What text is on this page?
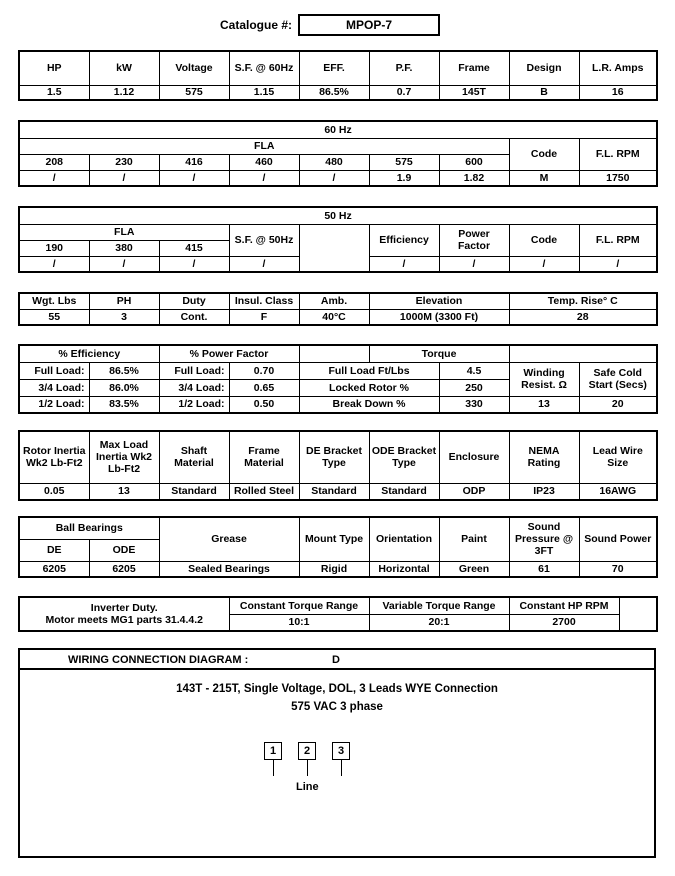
Catalogue #:	MPOP-7
HP	kW	Voltage	S.F. @ 60Hz	EFF.	P.F.	Frame	Design	L.R. Amps
1.5	1.12	575	1.15	86.5%	0.7	145T	B	16
60 Hz								
FLA							Code	F.L. RPM
208	230	416	460	480	575	600		
/	/	/	/	/	1.9	1.82	M	1750
50 Hz								
FLA			S.F. @ 50Hz		Efficiency	Power Factor	Code	F.L. RPM
190	380	415						
/	/	/	/		/	/	/	/
Wgt. Lbs	PH	Duty	Insul. Class	Amb.	Elevation	Temp. Rise° C
55	3	Cont.	F	40°C	1000M (3300 Ft)	28
% Efficiency		% Power Factor			Torque			
Full Load:	86.5%	Full Load:	0.70	Full Load Ft/Lbs		4.5	Winding Resist. Ω	Safe Cold Start (Secs)
3/4 Load:	86.0%	3/4 Load:	0.65	Locked Rotor %		250		
1/2 Load:	83.5%	1/2 Load:	0.50	Break Down %		330	13	20
Rotor Inertia Wk2 Lb-Ft2	Max Load Inertia Wk2 Lb-Ft2	Shaft Material	Frame Material	DE Bracket Type	ODE Bracket Type	Enclosure	NEMA Rating	Lead Wire Size
0.05	13	Standard	Rolled Steel	Standard	Standard	ODP	IP23	16AWG
Ball Bearings		Grease	Mount Type	Orientation	Paint	Sound Pressure @ 3FT	Sound Power
DE	ODE						
6205	6205	Sealed Bearings	Rigid	Horizontal	Green	61	70
Inverter Duty.
Motor meets MG1 parts 31.4.4.2	Constant Torque Range	Variable Torque Range	Constant HP RPM	
	10:1	20:1	2700	
WIRING CONNECTION DIAGRAM :	D
143T - 215T, Single Voltage, DOL, 3 Leads WYE Connection
575 VAC 3 phase
1	2	3
Line
